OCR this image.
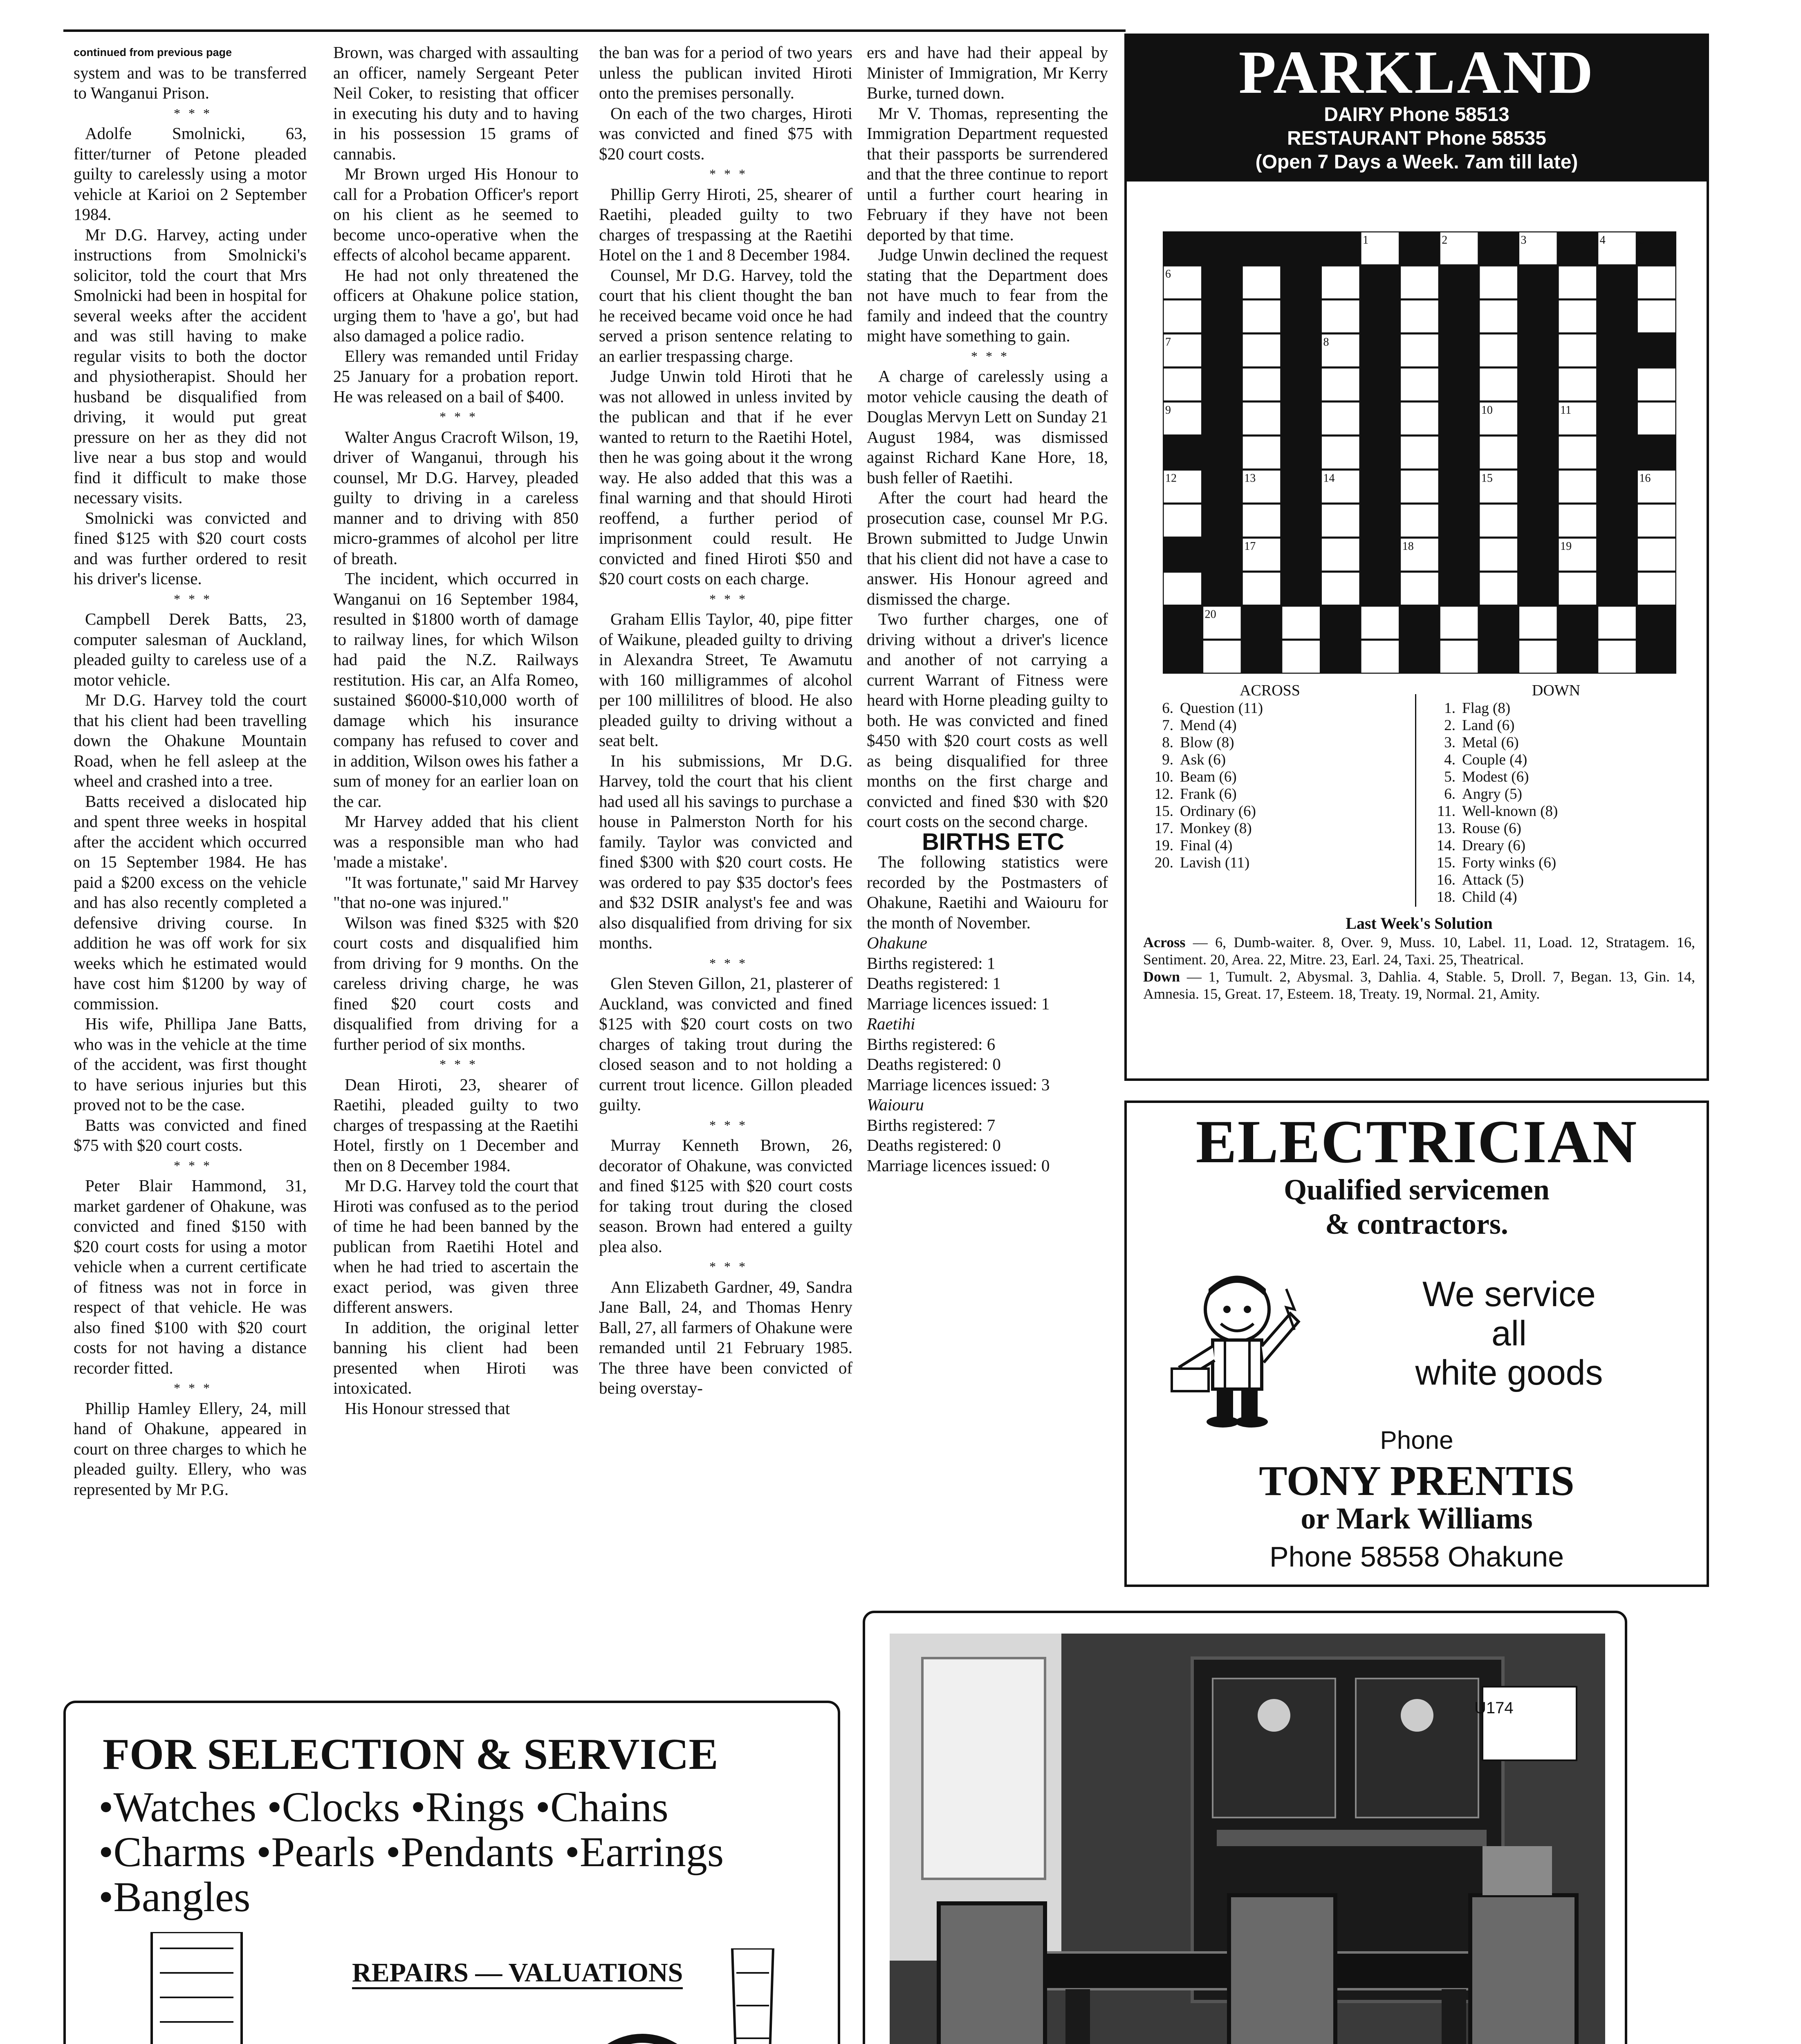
continued from previous page

system and was to be transferred to Wanganui Prison.

***

Adolfe Smolnicki, 63, fitter/turner of Petone pleaded guilty to carelessly using a motor vehicle at Karioi on 2 September 1984.

Mr D.G. Harvey, acting under instructions from Smolnicki's solicitor, told the court that Mrs Smolnicki had been in hospital for several weeks after the accident and was still having to make regular visits to both the doctor and physiotherapist. Should her husband be disqualified from driving, it would put great pressure on her as they did not live near a bus stop and would find it difficult to make those necessary visits.

Smolnicki was convicted and fined $125 with $20 court costs and was further ordered to resit his driver's license.

***

Campbell Derek Batts, 23, computer salesman of Auckland, pleaded guilty to careless use of a motor vehicle.

Mr D.G. Harvey told the court that his client had been travelling down the Ohakune Mountain Road, when he fell asleep at the wheel and crashed into a tree.

Batts received a dislocated hip and spent three weeks in hospital after the accident which occurred on 15 September 1984. He has paid a $200 excess on the vehicle and has also recently completed a defensive driving course. In addition he was off work for six weeks which he estimated would have cost him $1200 by way of commission.

His wife, Phillipa Jane Batts, who was in the vehicle at the time of the accident, was first thought to have serious injuries but this proved not to be the case.

Batts was convicted and fined $75 with $20 court costs.

***

Peter Blair Hammond, 31, market gardener of Ohakune, was convicted and fined $150 with $20 court costs for using a motor vehicle when a current certificate of fitness was not in force in respect of that vehicle. He was also fined $100 with $20 court costs for not having a distance recorder fitted.

***

Phillip Hamley Ellery, 24, mill hand of Ohakune, appeared in court on three charges to which he pleaded guilty. Ellery, who was represented by Mr P.G.

Brown, was charged with assaulting an officer, namely Sergeant Peter Neil Coker, to resisting that officer in executing his duty and to having in his possession 15 grams of cannabis.

Mr Brown urged His Honour to call for a Probation Officer's report on his client as he seemed to become unco-operative when the effects of alcohol became apparent.

He had not only threatened the officers at Ohakune police station, urging them to 'have a go', but had also damaged a police radio.

Ellery was remanded until Friday 25 January for a probation report. He was released on a bail of $400.

***

Walter Angus Cracroft Wilson, 19, driver of Wanganui, through his counsel, Mr D.G. Harvey, pleaded guilty to driving in a careless manner and to driving with 850 micro-grammes of alcohol per litre of breath.

The incident, which occurred in Wanganui on 16 September 1984, resulted in $1800 worth of damage to railway lines, for which Wilson had paid the N.Z. Railways restitution. His car, an Alfa Romeo, sustained $6000-$10,000 worth of damage which his insurance company has refused to cover and in addition, Wilson owes his father a sum of money for an earlier loan on the car.

Mr Harvey added that his client was a responsible man who had 'made a mistake'.

"It was fortunate," said Mr Harvey "that no-one was injured."

Wilson was fined $325 with $20 court costs and disqualified him from driving for 9 months. On the careless driving charge, he was fined $20 court costs and disqualified from driving for a further period of six months.

***

Dean Hiroti, 23, shearer of Raetihi, pleaded guilty to two charges of trespassing at the Raetihi Hotel, firstly on 1 December and then on 8 December 1984.

Mr D.G. Harvey told the court that Hiroti was confused as to the period of time he had been banned by the publican from Raetihi Hotel and when he had tried to ascertain the exact period, was given three different answers.

In addition, the original letter banning his client had been presented when Hiroti was intoxicated.

His Honour stressed that

the ban was for a period of two years unless the publican invited Hiroti onto the premises personally.

On each of the two charges, Hiroti was convicted and fined $75 with $20 court costs.

***

Phillip Gerry Hiroti, 25, shearer of Raetihi, pleaded guilty to two charges of trespassing at the Raetihi Hotel on the 1 and 8 December 1984.

Counsel, Mr D.G. Harvey, told the court that his client thought the ban he received became void once he had served a prison sentence relating to an earlier trespassing charge.

Judge Unwin told Hiroti that he was not allowed in unless invited by the publican and that if he ever wanted to return to the Raetihi Hotel, then he was going about it the wrong way. He also added that this was a final warning and that should Hiroti reoffend, a further period of imprisonment could result. He convicted and fined Hiroti $50 and $20 court costs on each charge.

***

Graham Ellis Taylor, 40, pipe fitter of Waikune, pleaded guilty to driving in Alexandra Street, Te Awamutu with 160 milligrammes of alcohol per 100 millilitres of blood. He also pleaded guilty to driving without a seat belt.

In his submissions, Mr D.G. Harvey, told the court that his client had used all his savings to purchase a house in Palmerston North for his family. Taylor was convicted and fined $300 with $20 court costs. He was ordered to pay $35 doctor's fees and $32 DSIR analyst's fee and was also disqualified from driving for six months.

***

Glen Steven Gillon, 21, plasterer of Auckland, was convicted and fined $125 with $20 court costs on two charges of taking trout during the closed season and to not holding a current trout licence. Gillon pleaded guilty.

***

Murray Kenneth Brown, 26, decorator of Ohakune, was convicted and fined $125 with $20 court costs for taking trout during the closed season. Brown had entered a guilty plea also.

***

Ann Elizabeth Gardner, 49, Sandra Jane Ball, 24, and Thomas Henry Ball, 27, all farmers of Ohakune were remanded until 21 February 1985. The three have been convicted of being overstay-

ers and have had their appeal by Minister of Immigration, Mr Kerry Burke, turned down.

Mr V. Thomas, representing the Immigration Department requested that their passports be surrendered and that the three continue to report until a further court hearing in February if they have not been deported by that time.

Judge Unwin declined the request stating that the Department does not have much to fear from the family and indeed that the country might have something to gain.

***

A charge of carelessly using a motor vehicle causing the death of Douglas Mervyn Lett on Sunday 21 August 1984, was dismissed against Richard Kane Hore, 18, bush feller of Raetihi.

After the court had heard the prosecution case, counsel Mr P.G. Brown submitted to Judge Unwin that his client did not have a case to answer. His Honour agreed and dismissed the charge.

Two further charges, one of driving without a driver's licence and another of not carrying a current Warrant of Fitness were heard with Horne pleading guilty to both. He was convicted and fined $450 with $20 court costs as well as being disqualified for three months on the first charge and convicted and fined $30 with $20 court costs on the second charge.

BIRTHS ETC

The following statistics were recorded by the Postmasters of Ohakune, Raetihi and Waiouru for the month of November.

Ohakune
Births registered: 1
Deaths registered: 1
Marriage licences issued: 1
Raetihi
Births registered: 6
Deaths registered: 0
Marriage licences issued: 3
Waiouru
Births registered: 7
Deaths registered: 0
Marriage licences issued: 0
PARKLAND
DAIRY Phone 58513
RESTAURANT Phone 58535
(Open 7 Days a Week. 7am till late)
1	2	3	4	5
6
7	8
9	10	11
12	13	14	15	16
17	18	19
20
ACROSS
6. Question (11)
7. Mend (4)
8. Blow (8)
9. Ask (6)
10. Beam (6)
12. Frank (6)
15. Ordinary (6)
17. Monkey (8)
19. Final (4)
20. Lavish (11)
DOWN
1. Flag (8)
2. Land (6)
3. Metal (6)
4. Couple (4)
5. Modest (6)
6. Angry (5)
11. Well-known (8)
13. Rouse (6)
14. Dreary (6)
15. Forty winks (6)
16. Attack (5)
18. Child (4)
Last Week's Solution
Across — 6, Dumb-waiter. 8, Over. 9, Muss. 10, Label. 11, Load. 12, Stratagem. 16, Sentiment. 20, Area. 22, Mitre. 23, Earl. 24, Taxi. 25, Theatrical.
Down — 1, Tumult. 2, Abysmal. 3, Dahlia. 4, Stable. 5, Droll. 7, Began. 13, Gin. 14, Amnesia. 15, Great. 17, Esteem. 18, Treaty. 19, Normal. 21, Amity.
ELECTRICIAN
Qualified servicemen
& contractors.
We service
all
white goods
Phone
TONY PRENTIS
or Mark Williams
Phone 58558 Ohakune
FOR SELECTION & SERVICE
•Watches •Clocks •Rings •Chains
•Charms •Pearls •Pendants •Earrings
•Bangles
REPAIRS — VALUATIONS
U174
